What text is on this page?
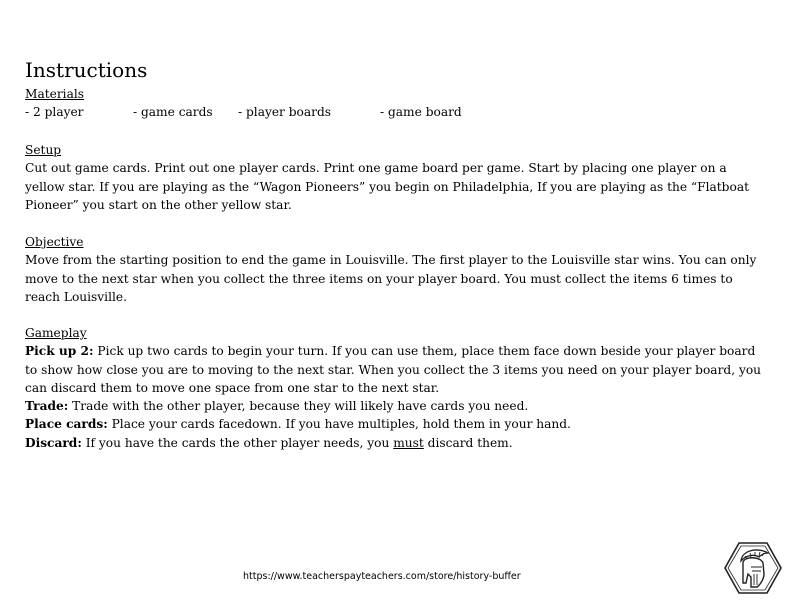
Instructions
Materials
- 2 player	- game cards - player boards	- game board
Setup

Cut out game cards. Print out one player cards. Print one game board per game. Start by placing one player on a yellow star. If you are playing as the “Wagon Pioneers” you begin on Philadelphia, If you are playing as the “Flatboat Pioneer” you start on the other yellow star.

Objective

Move from the starting position to end the game in Louisville. The first player to the Louisville star wins. You can only move to the next star when you collect the three items on your player board. You must collect the items 6 times to reach Louisville.

Gameplay

Pick up 2: Pick up two cards to begin your turn. If you can use them, place them face down beside your player board to show how close you are to moving to the next star. When you collect the 3 items you need on your player board, you can discard them to move one space from one star to the next star.

Trade: Trade with the other player, because they will likely have cards you need.

Place cards: Place your cards facedown. If you have multiples, hold them in your hand.

Discard: If you have the cards the other player needs, you must discard them.

https://www.teacherspayteachers.com/store/history-buffer
